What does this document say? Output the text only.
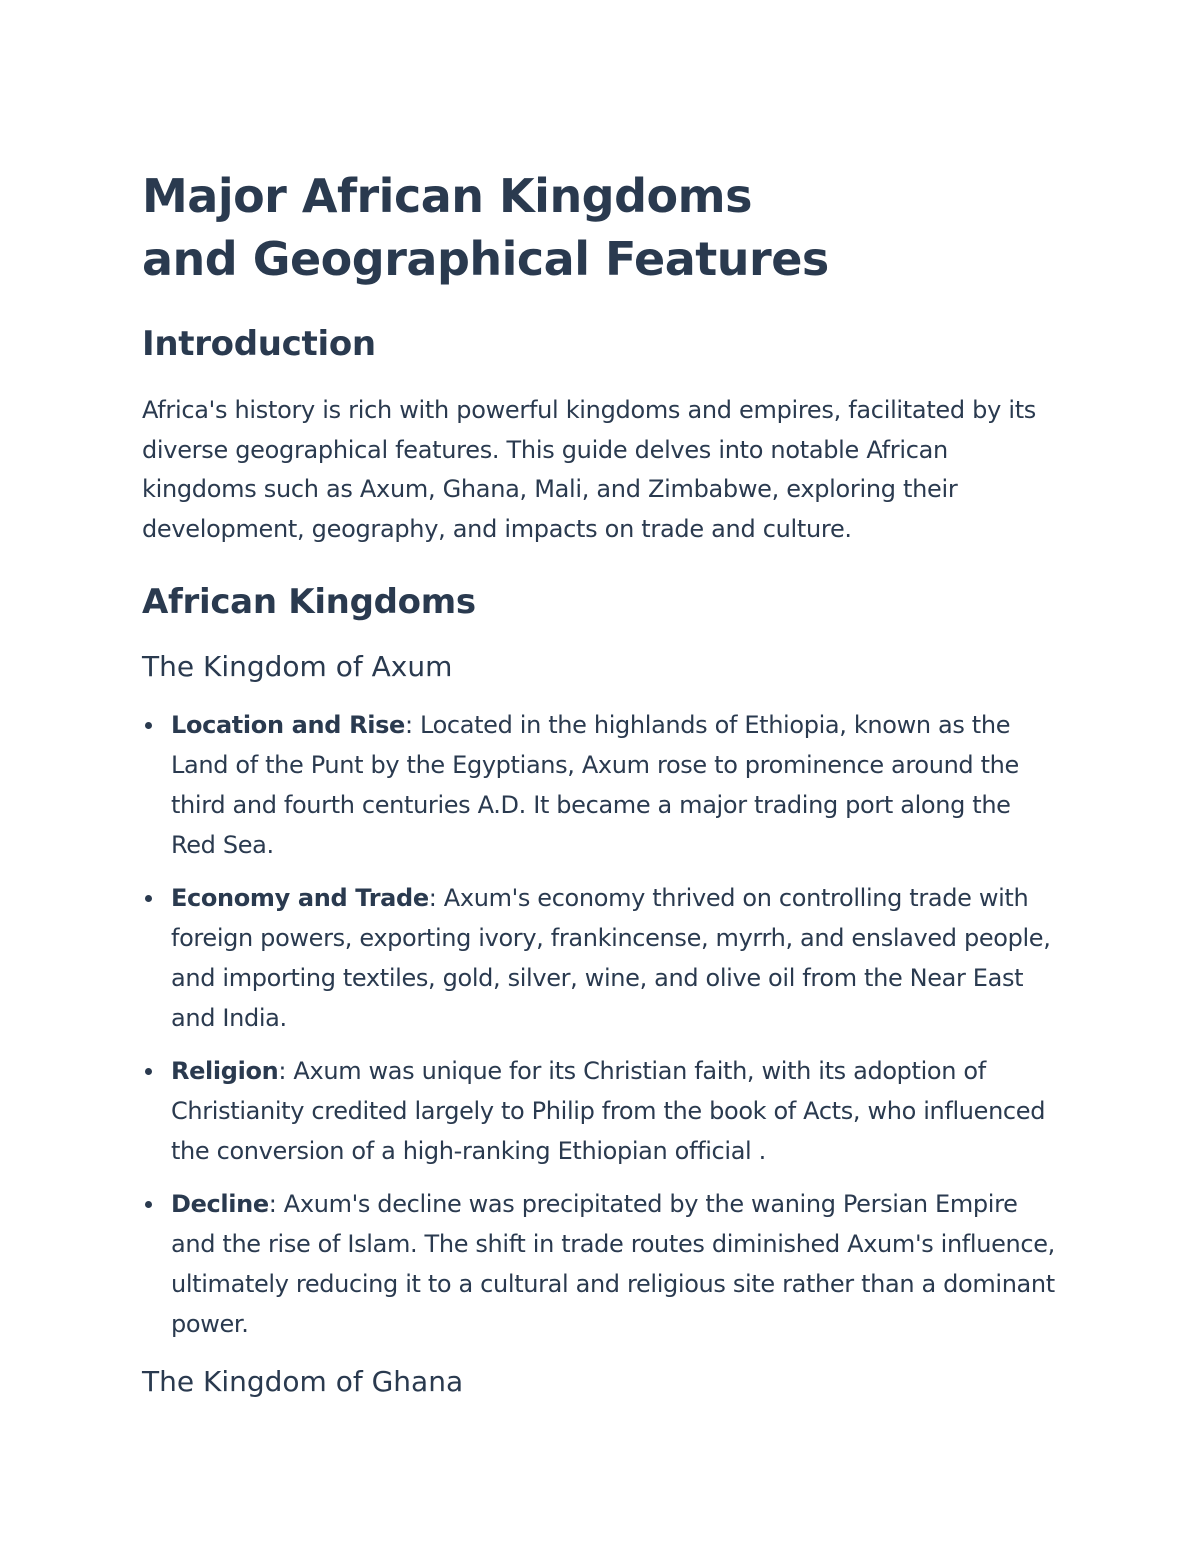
Major African Kingdoms and Geographical Features
Introduction

Africa's history is rich with powerful kingdoms and empires, facilitated by its diverse geographical features. This guide delves into notable African kingdoms such as Axum, Ghana, Mali, and Zimbabwe, exploring their development, geography, and impacts on trade and culture.

African Kingdoms
The Kingdom of Axum
Location and Rise: Located in the highlands of Ethiopia, known as the Land of the Punt by the Egyptians, Axum rose to prominence around the third and fourth centuries A.D. It became a major trading port along the Red Sea.
Economy and Trade: Axum's economy thrived on controlling trade with foreign powers, exporting ivory, frankincense, myrrh, and enslaved people, and importing textiles, gold, silver, wine, and olive oil from the Near East and India.
Religion: Axum was unique for its Christian faith, with its adoption of Christianity credited largely to Philip from the book of Acts, who influenced the conversion of a high-ranking Ethiopian official .
Decline: Axum's decline was precipitated by the waning Persian Empire and the rise of Islam. The shift in trade routes diminished Axum's influence, ultimately reducing it to a cultural and religious site rather than a dominant power.
The Kingdom of Ghana
